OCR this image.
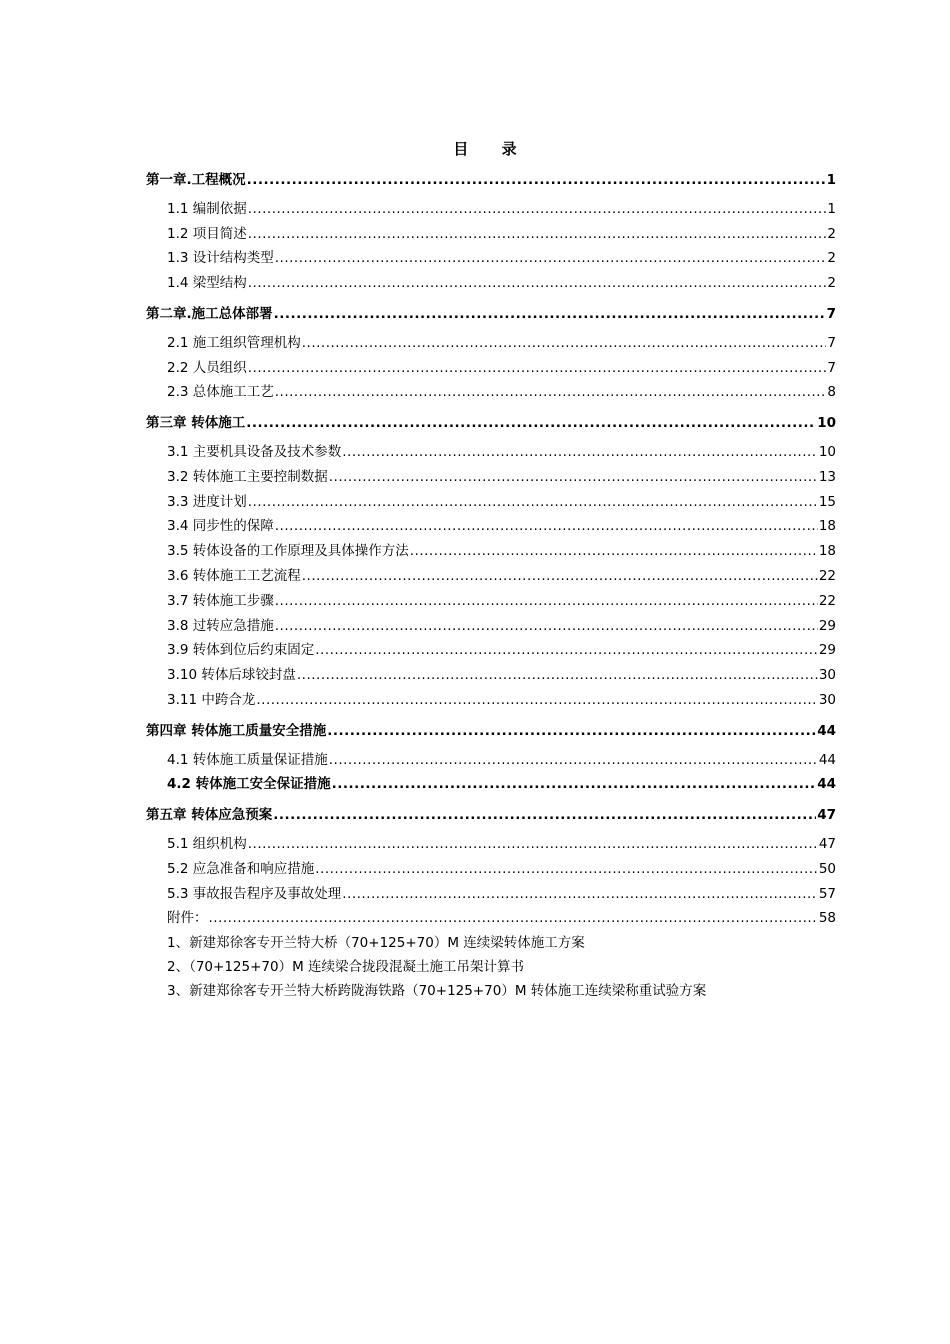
目 录
第一章.工程概况 .....	1
1.1 编制依据 .....	1
1.2 项目简述 .....	2
1.3 设计结构类型 .....	2
1.4 梁型结构 .....	2
第二章.施工总体部署 .....	7
2.1 施工组织管理机构 .....	7
2.2 人员组织 .....	7
2.3 总体施工工艺 .....	8
第三章 转体施工 .....	10
3.1 主要机具设备及技术参数 .....	10
3.2 转体施工主要控制数据 .....	13
3.3 进度计划 .....	15
3.4 同步性的保障 .....	18
3.5 转体设备的工作原理及具体操作方法 .....	18
3.6 转体施工工艺流程 .....	22
3.7 转体施工步骤 .....	22
3.8 过转应急措施 .....	29
3.9 转体到位后约束固定 .....	29
3.10 转体后球铰封盘 .....	30
3.11 中跨合龙 .....	30
第四章 转体施工质量安全措施 .....	44
4.1 转体施工质量保证措施 .....	44
4.2 转体施工安全保证措施 .....	44
第五章 转体应急预案 .....	47
5.1 组织机构 .....	47
5.2 应急准备和响应措施 .....	50
5.3 事故报告程序及事故处理 .....	57
附件： .....	58
1、新建郑徐客专开兰特大桥（70+125+70）M 连续梁转体施工方案
2、（70+125+70）M 连续梁合拢段混凝土施工吊架计算书
3、新建郑徐客专开兰特大桥跨陇海铁路（70+125+70）M 转体施工连续梁称重试验方案
